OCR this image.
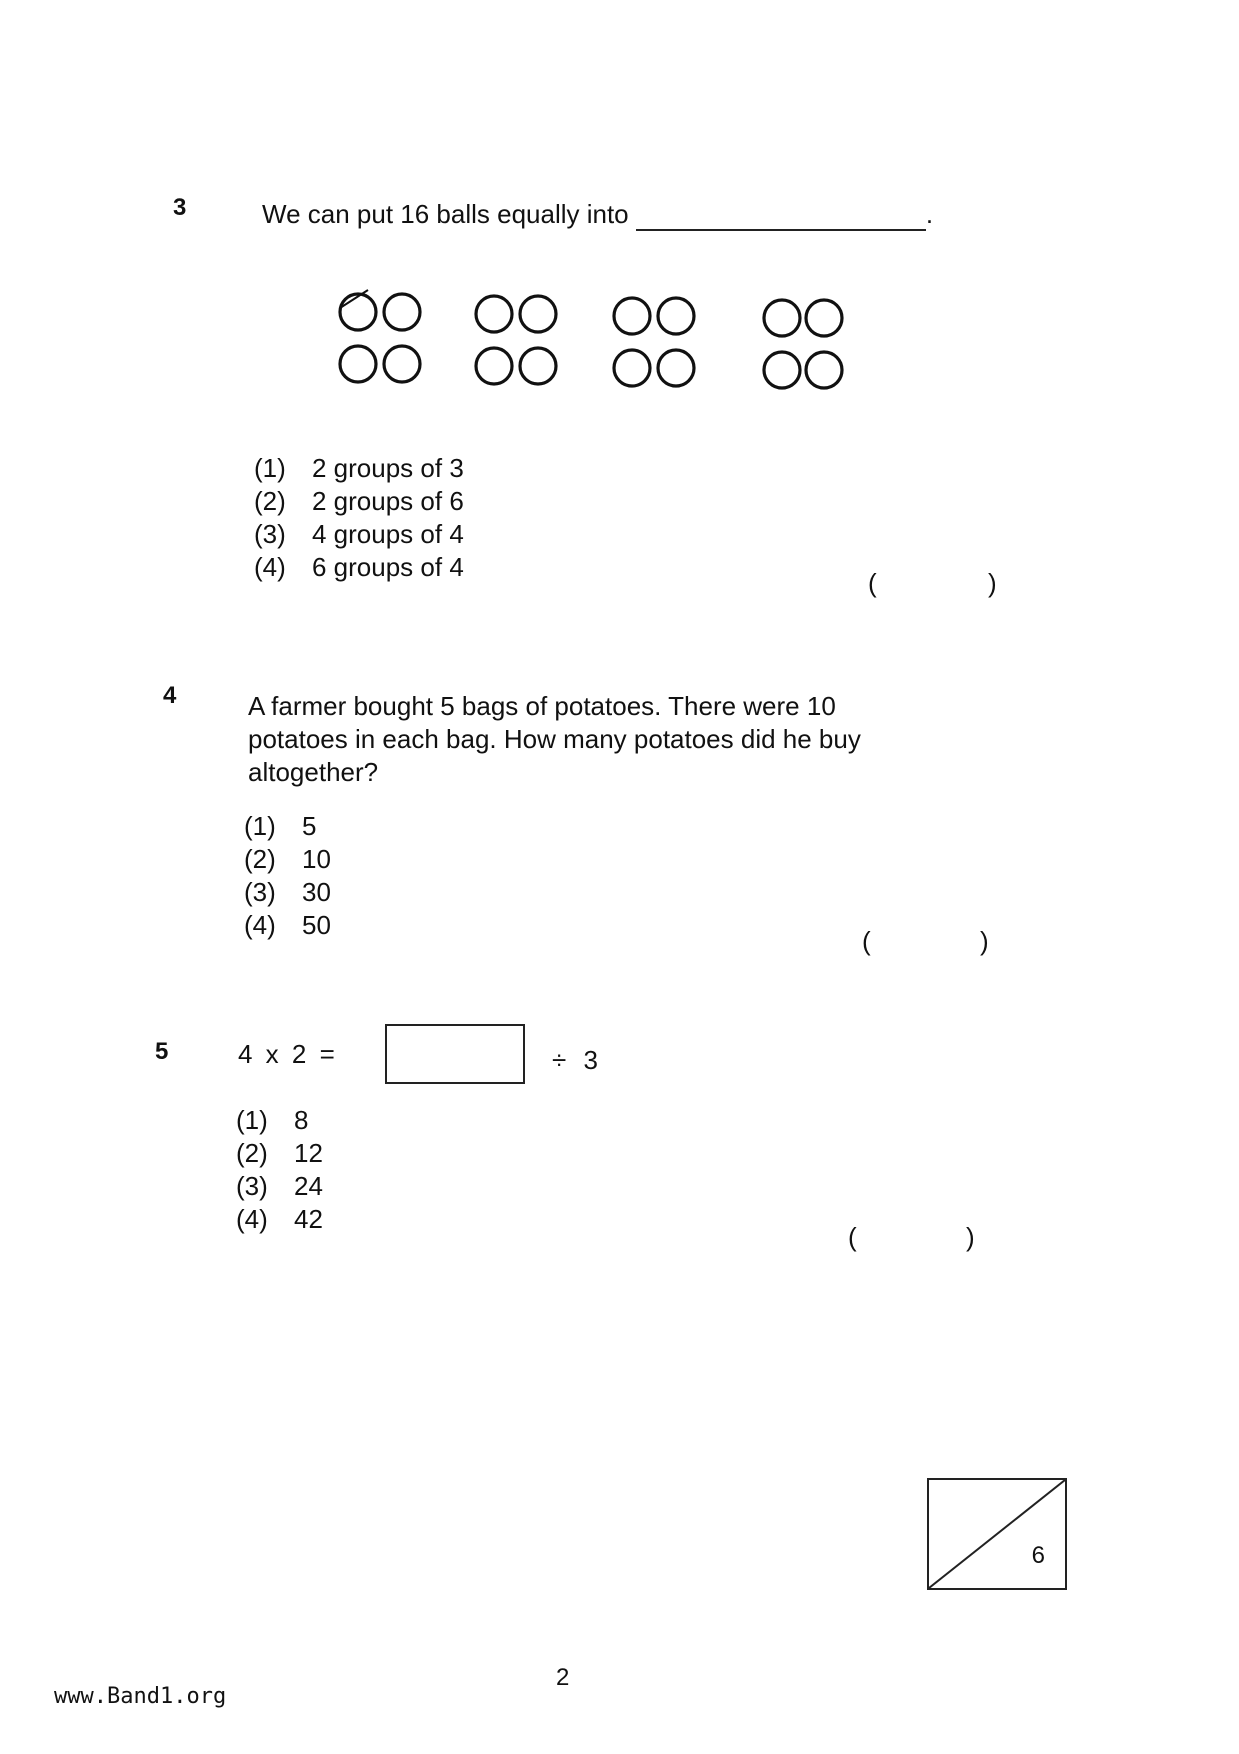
3	We can put 16 balls equally into	.
(1) 2 groups of 3
(2) 2 groups of 6
(3) 4 groups of 4
(4) 6 groups of 4
(	)
4	A farmer bought 5 bags of potatoes. There were 10
potatoes in each bag. How many potatoes did he buy
altogether?
(1) 5
(2) 10
(3) 30
(4) 50
(	)
5	4 x 2 =	÷ 3
(1) 8
(2) 12
(3) 24
(4) 42
(	)
6
2
www.Band1.org
